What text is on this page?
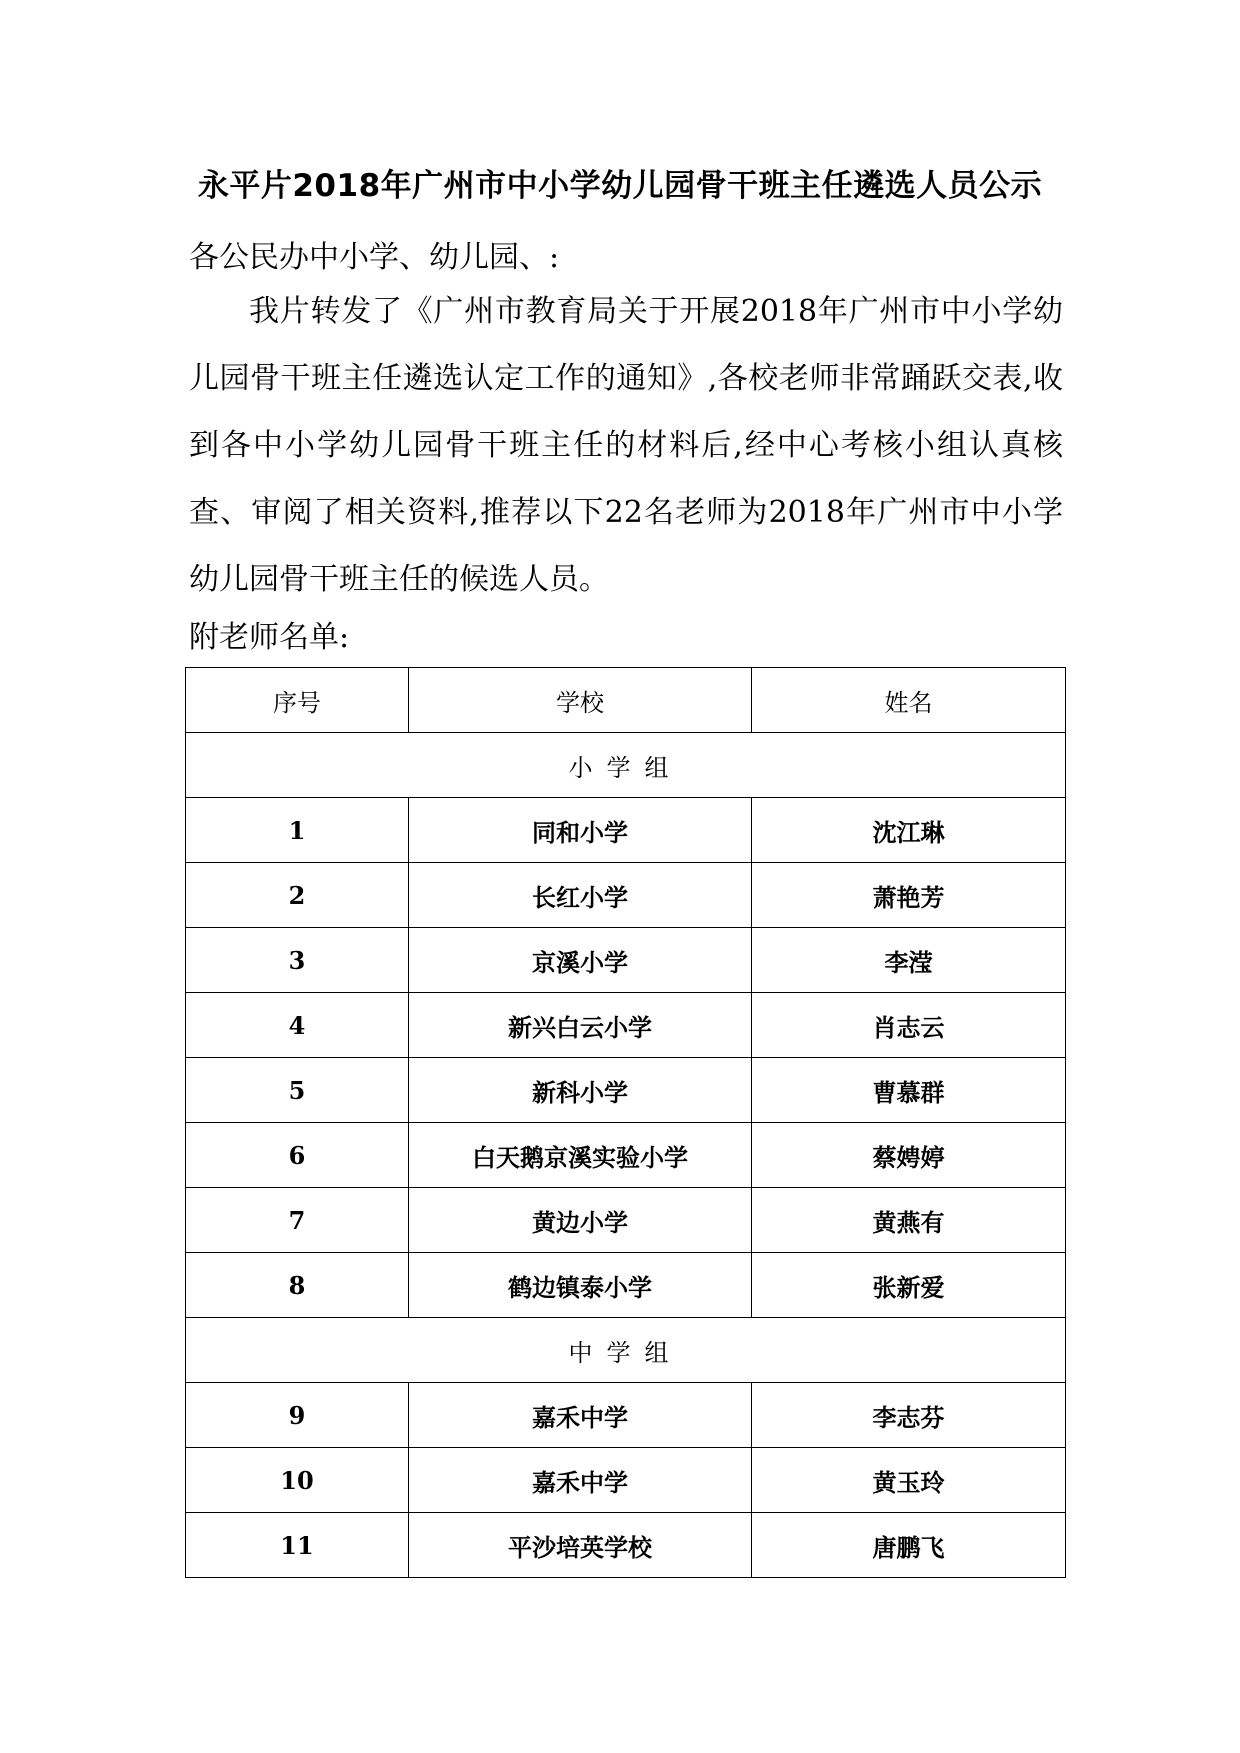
永平片2018年广州市中小学幼儿园骨干班主任遴选人员公示
各公民办中小学、幼儿园、:
我片转发了《广州市教育局关于开展2018年广州市中小学幼儿园骨干班主任遴选认定工作的通知》,各校老师非常踊跃交表,收到各中小学幼儿园骨干班主任的材料后,经中心考核小组认真核查、审阅了相关资料,推荐以下22名老师为2018年广州市中小学幼儿园骨干班主任的候选人员。
附老师名单:
序号	学校	姓名
小学组		
1	同和小学	沈江琳
2	长红小学	萧艳芳
3	京溪小学	李滢
4	新兴白云小学	肖志云
5	新科小学	曹慕群
6	白天鹅京溪实验小学	蔡娉婷
7	黄边小学	黄燕有
8	鹤边镇泰小学	张新爱
中学组		
9	嘉禾中学	李志芬
10	嘉禾中学	黄玉玲
11	平沙培英学校	唐鹏飞
